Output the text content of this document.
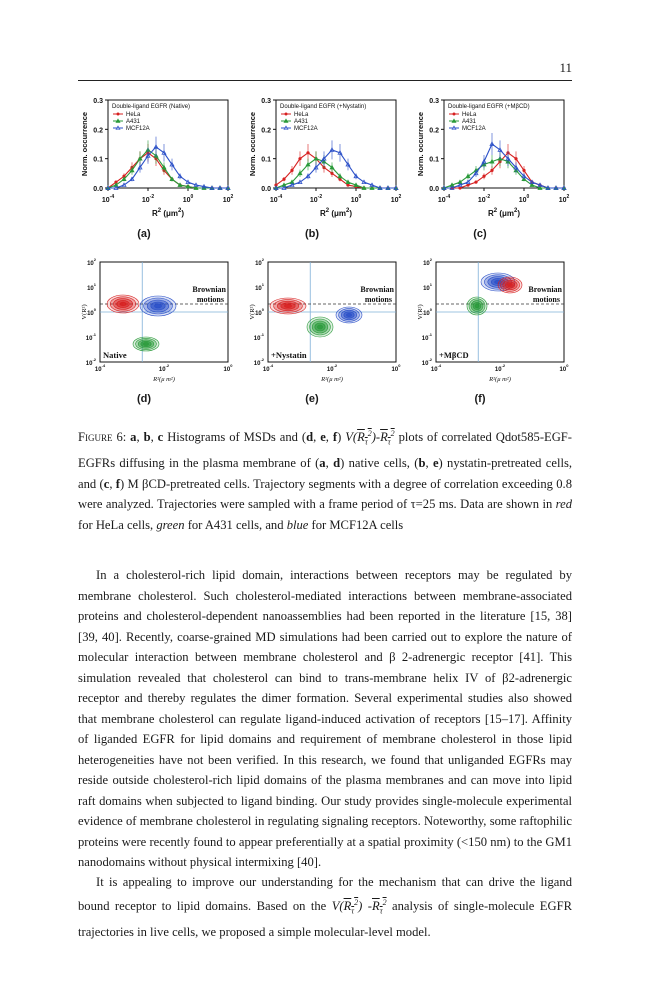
11
0.0
0.1
0.2
0.3
$10^{-4}$	$10^{-2}$	$10^0$	$10^2$
Norm. occurrence
$R^2$ $(\mu m^2)$
Double-ligand EGFR (Native)
HeLa
A431
MCF12A
0.0
0.1
0.2
0.3
$10^{-4}$	$10^{-2}$	$10^0$	$10^2$
Norm. occurrence
$R^2$ $(\mu m^2)$
Double-ligand EGFR (+Nystatin)
HeLa
A431
MCF12A
0.0
0.1
0.2
0.3
$10^{-4}$	$10^{-2}$	$10^0$	$10^2$
Norm. occurrence
$R^2$ $(\mu m^2)$
Double-ligand EGFR (+MβCD)
HeLa
A431
MCF12A
(a)	(b)	(c)
$10^2$
$10^1$
$10^0$
$10^{-1}$
$10^{-2}$
$10^{-4}$
$10^{-2}$
$10^0$
R²(μ m²)
V(R²)
Brownian
motions
Native
$10^2$
$10^1$
$10^0$
$10^{-1}$
$10^{-2}$
$10^{-4}$
$10^{-2}$
$10^0$
R²(μ m²)
V(R²)
Brownian
motions
+Nystatin
$10^2$
$10^1$
$10^0$
$10^{-1}$
$10^{-2}$
$10^{-4}$
$10^{-2}$
$10^0$
R²(μ m²)
V(R²)
Brownian
motions
+MβCD
(d)	(e)	(f)
Figure 6: a, b, c Histograms of MSDs and (d, e, f) $V(R_\tau^2)-R_\tau^2$ plots of correlated Qdot585-EGF-EGFRs diffusing in the plasma membrane of (a, d) native cells, (b, e) nystatin-pretreated cells, and (c, f) M βCD-pretreated cells. Trajectory segments with a degree of correlation exceeding 0.8 were analyzed. Trajectories were sampled with a frame period of τ=25 ms. Data are shown in red for HeLa cells, green for A431 cells, and blue for MCF12A cells

In a cholesterol-rich lipid domain, interactions between receptors may be regulated by membrane cholesterol. Such cholesterol-mediated interactions between membrane-associated proteins and cholesterol-dependent nanoassemblies had been reported in the literature [15, 38] [39, 40]. Recently, coarse-grained MD simulations had been carried out to explore the nature of molecular interaction between membrane cholesterol and β 2-adrenergic receptor [41]. This simulation revealed that cholesterol can bind to trans-membrane helix IV of β2-adrenergic receptor and thereby regulates the dimer formation. Several experimental studies also showed that membrane cholesterol can regulate ligand-induced activation of receptors [15–17]. Affinity of liganded EGFR for lipid domains and requirement of membrane cholesterol in those lipid heterogeneities have not been verified. In this research, we found that unliganded EGFRs may reside outside cholesterol-rich lipid domains of the plasma membranes and can move into lipid raft domains when subjected to ligand binding. Our study provides single-molecule experimental evidence of membrane cholesterol in regulating signaling receptors. Noteworthy, some raftophilic proteins were recently found to appear preferentially at a spatial proximity (<150 nm) to the GM1 nanodomains without physical intermixing [40].

It is appealing to improve our understanding for the mechanism that can drive the ligand bound receptor to lipid domains. Based on the $V(R_\tau^2)$ $-R_\tau^2$ analysis of single-molecule EGFR trajectories in live cells, we proposed a simple molecular-level model.
